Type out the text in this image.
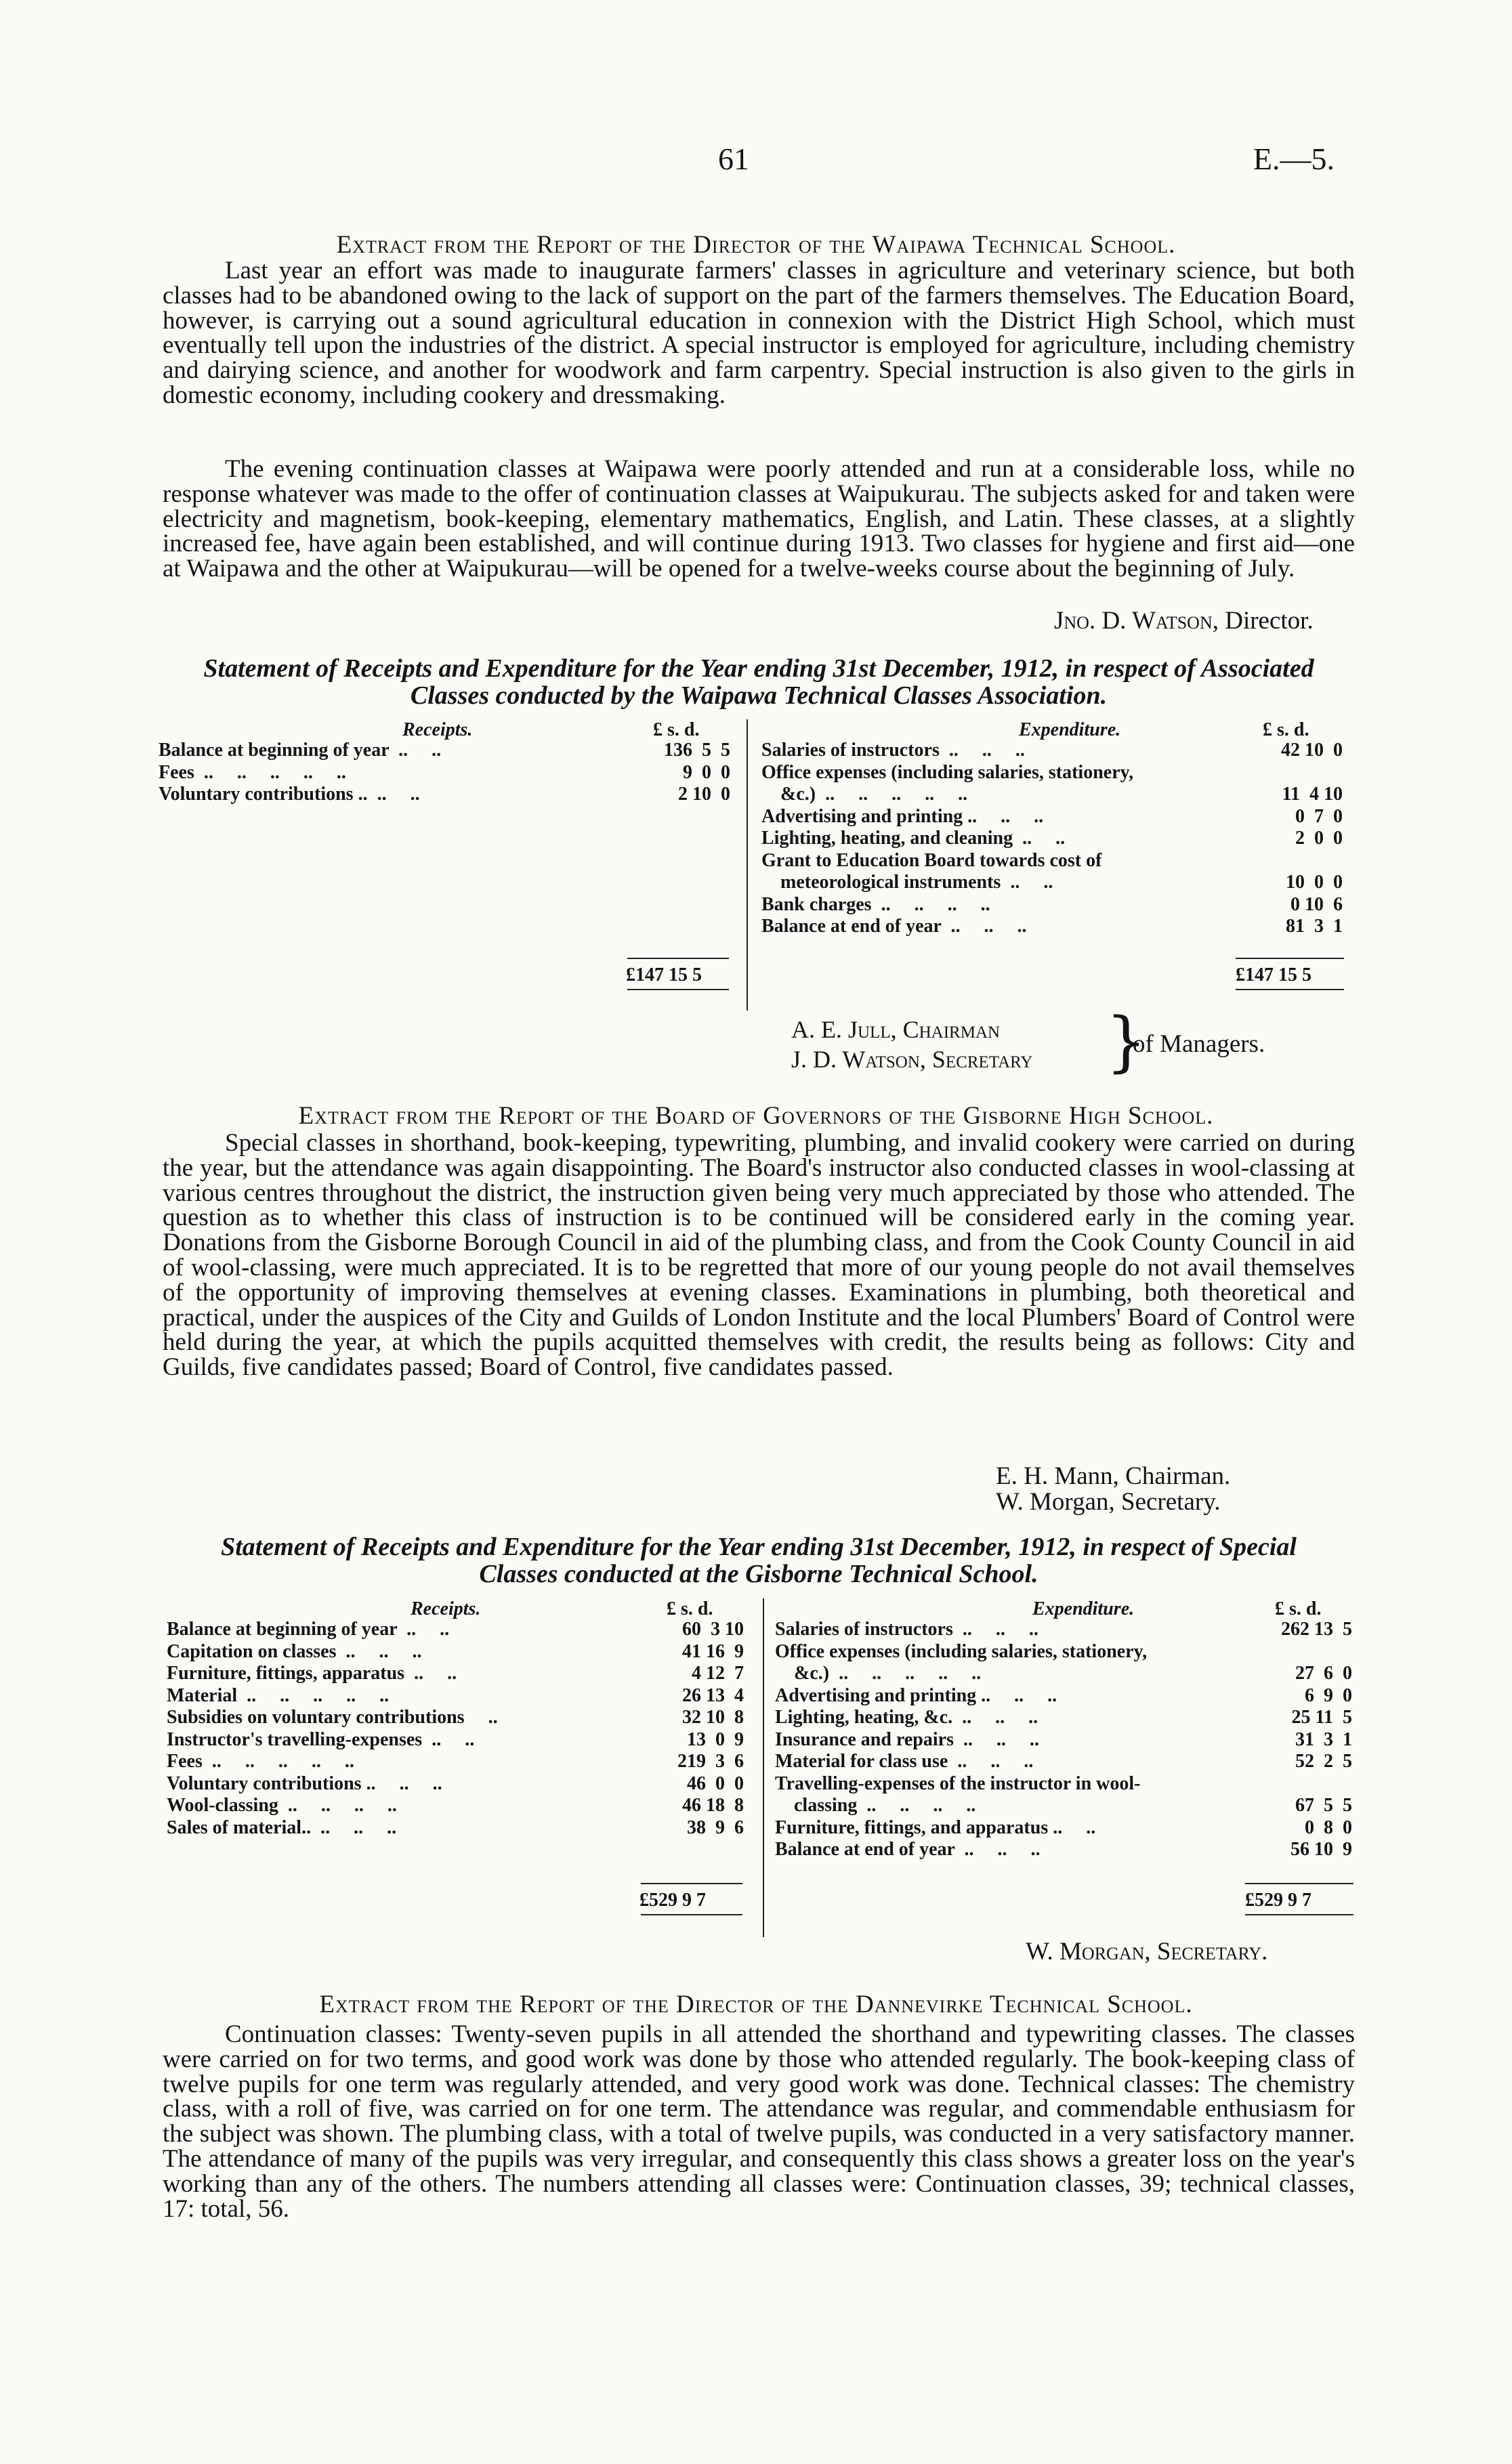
61	E.—5.
Extract from the Report of the Director of the Waipawa Technical School.

Last year an effort was made to inaugurate farmers' classes in agriculture and veterinary science, but both classes had to be abandoned owing to the lack of support on the part of the farmers themselves. The Education Board, however, is carrying out a sound agricultural education in connexion with the District High School, which must eventually tell upon the industries of the district. A special instructor is employed for agriculture, including chemistry and dairying science, and another for woodwork and farm carpentry. Special instruction is also given to the girls in domestic economy, including cookery and dressmaking.

The evening continuation classes at Waipawa were poorly attended and run at a considerable loss, while no response whatever was made to the offer of continuation classes at Waipukurau. The subjects asked for and taken were electricity and magnetism, book-keeping, elementary mathematics, English, and Latin. These classes, at a slightly increased fee, have again been established, and will continue during 1913. Two classes for hygiene and first aid—one at Waipawa and the other at Waipukurau—will be opened for a twelve-weeks course about the beginning of July.

Jno. D. Watson, Director.
Statement of Receipts and Expenditure for the Year ending 31st December, 1912, in respect of Associated
Classes conducted by the Waipawa Technical Classes Association.
Receipts.	£ s. d.
Balance at beginning of year  ..     ..	136  5  5
Fees  ..     ..     ..     ..     ..	9  0  0
Voluntary contributions ..  ..     ..	2 10  0
Expenditure.	£ s. d.
Salaries of instructors  ..     ..     ..	42 10  0
Office expenses (including salaries, stationery,
&c.)  ..     ..     ..     ..     ..	11  4 10
Advertising and printing ..     ..     ..	0  7  0
Lighting, heating, and cleaning  ..     ..	2  0  0
Grant to Education Board towards cost of
meteorological instruments  ..     ..	10  0  0
Bank charges  ..     ..     ..     ..	0 10  6
Balance at end of year  ..     ..     ..	81  3  1
£147 15 5	£147 15 5
A. E. Jull, Chairman
J. D. Watson, Secretary }
of Managers.
Extract from the Report of the Board of Governors of the Gisborne High School.

Special classes in shorthand, book-keeping, typewriting, plumbing, and invalid cookery were carried on during the year, but the attendance was again disappointing. The Board's instructor also conducted classes in wool-classing at various centres throughout the district, the instruction given being very much appreciated by those who attended. The question as to whether this class of instruction is to be continued will be considered early in the coming year. Donations from the Gisborne Borough Council in aid of the plumbing class, and from the Cook County Council in aid of wool-classing, were much appreciated. It is to be regretted that more of our young people do not avail themselves of the opportunity of improving themselves at evening classes. Examinations in plumbing, both theoretical and practical, under the auspices of the City and Guilds of London Institute and the local Plumbers' Board of Control were held during the year, at which the pupils acquitted themselves with credit, the results being as follows: City and Guilds, five candidates passed; Board of Control, five candidates passed.

E. H. Mann, Chairman.
W. Morgan, Secretary.
Statement of Receipts and Expenditure for the Year ending 31st December, 1912, in respect of Special
Classes conducted at the Gisborne Technical School.
Receipts.	£ s. d.
Balance at beginning of year  ..     ..	60  3 10
Capitation on classes  ..     ..     ..	41 16  9
Furniture, fittings, apparatus  ..     ..	4 12  7
Material  ..     ..     ..     ..     ..	26 13  4
Subsidies on voluntary contributions     ..	32 10  8
Instructor's travelling-expenses  ..     ..	13  0  9
Fees  ..     ..     ..     ..     ..	219  3  6
Voluntary contributions ..     ..     ..	46  0  0
Wool-classing  ..     ..     ..     ..	46 18  8
Sales of material..  ..     ..     ..	38  9  6
Expenditure.	£ s. d.
Salaries of instructors  ..     ..     ..	262 13  5
Office expenses (including salaries, stationery,
&c.)  ..     ..     ..     ..     ..	27  6  0
Advertising and printing ..     ..     ..	6  9  0
Lighting, heating, &c.  ..     ..     ..	25 11  5
Insurance and repairs  ..     ..     ..	31  3  1
Material for class use  ..     ..     ..	52  2  5
Travelling-expenses of the instructor in wool-
classing  ..     ..     ..     ..	67  5  5
Furniture, fittings, and apparatus ..     ..	0  8  0
Balance at end of year  ..     ..     ..	56 10  9
£529 9 7	£529 9 7
W. Morgan, Secretary.
Extract from the Report of the Director of the Dannevirke Technical School.

Continuation classes: Twenty-seven pupils in all attended the shorthand and typewriting classes. The classes were carried on for two terms, and good work was done by those who attended regularly. The book-keeping class of twelve pupils for one term was regularly attended, and very good work was done. Technical classes: The chemistry class, with a roll of five, was carried on for one term. The attendance was regular, and commendable enthusiasm for the subject was shown. The plumbing class, with a total of twelve pupils, was conducted in a very satisfactory manner. The attendance of many of the pupils was very irregular, and consequently this class shows a greater loss on the year's working than any of the others. The numbers attending all classes were: Continuation classes, 39; technical classes, 17: total, 56.
